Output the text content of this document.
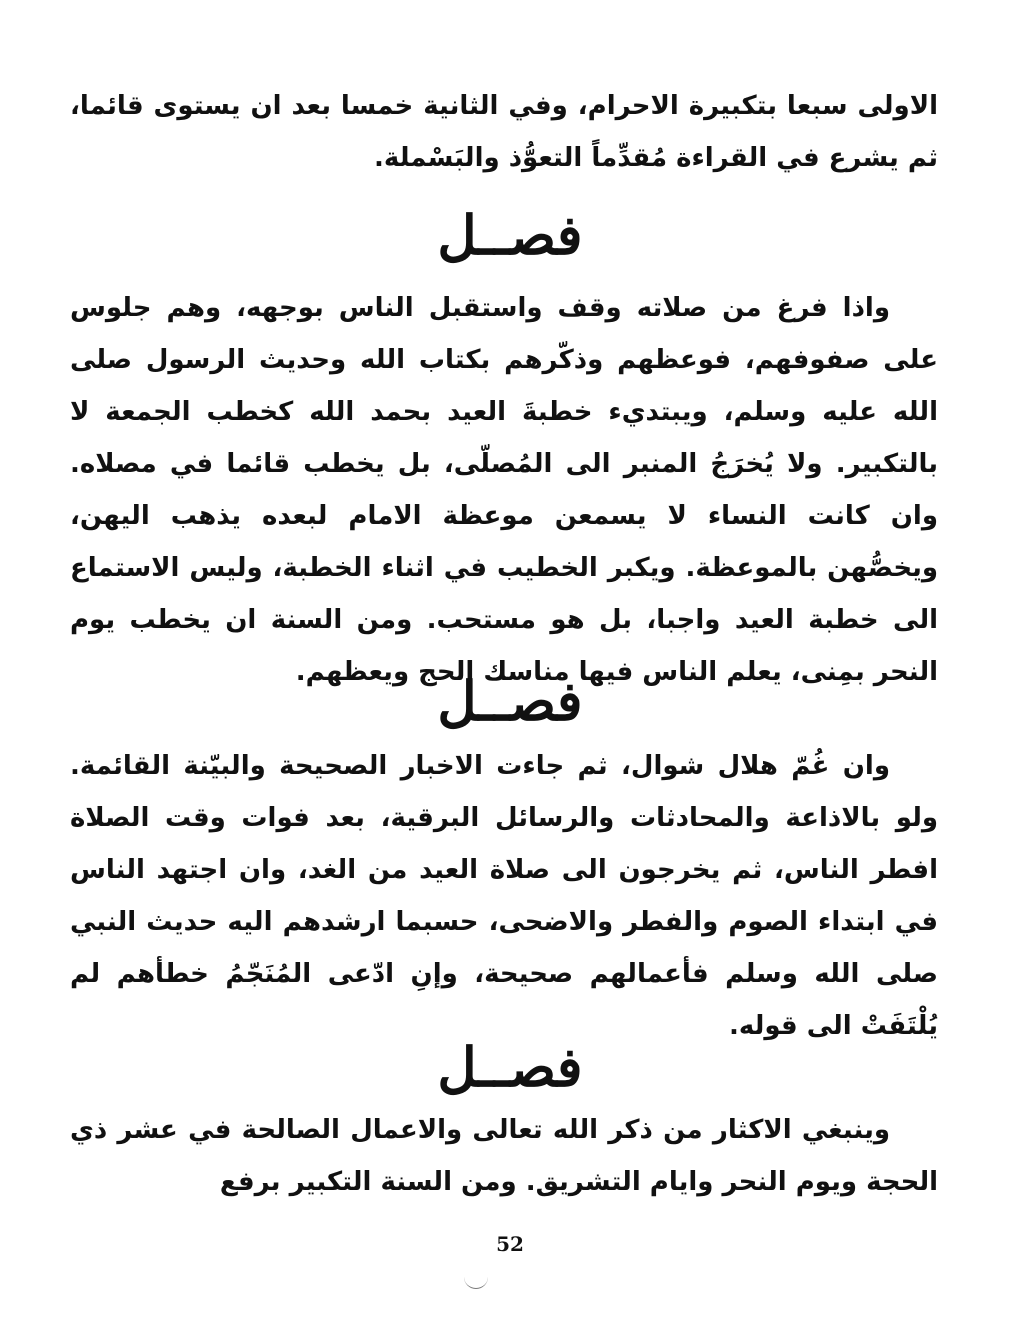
الاولى سبعا بتكبيرة الاحرام، وفي الثانية خمسا بعد ان يستوى قائما، ثم يشرع في القراءة مُقدِّماً التعوُّذ والبَسْملة.

فصــل

واذا فرغ من صلاته وقف واستقبل الناس بوجهه، وهم جلوس على صفوفهم، فوعظهم وذكّرهم بكتاب الله وحديث الرسول صلى الله عليه وسلم، ويبتديء خطبةَ العيد بحمد الله كخطب الجمعة لا بالتكبير. ولا يُخرَجُ المنبر الى المُصلّى، بل يخطب قائما في مصلاه. وان كانت النساء لا يسمعن موعظة الامام لبعده يذهب اليهن، ويخصُّهن بالموعظة. ويكبر الخطيب في اثناء الخطبة، وليس الاستماع الى خطبة العيد واجبا، بل هو مستحب. ومن السنة ان يخطب يوم النحر بمِنى، يعلم الناس فيها مناسك الحج ويعظهم.

فصــل

وان غُمّ هلال شوال، ثم جاءت الاخبار الصحيحة والبيّنة القائمة. ولو بالاذاعة والمحادثات والرسائل البرقية، بعد فوات وقت الصلاة افطر الناس، ثم يخرجون الى صلاة العيد من الغد، وان اجتهد الناس في ابتداء الصوم والفطر والاضحى، حسبما ارشدهم اليه حديث النبي صلى الله وسلم فأعمالهم صحيحة، وإنِ ادّعى المُنَجّمُ خطأهم لم يُلْتَفَتْ الى قوله.

فصــل

وينبغي الاكثار من ذكر الله تعالى والاعمال الصالحة في عشر ذي الحجة ويوم النحر وايام التشريق. ومن السنة التكبير برفع

52
